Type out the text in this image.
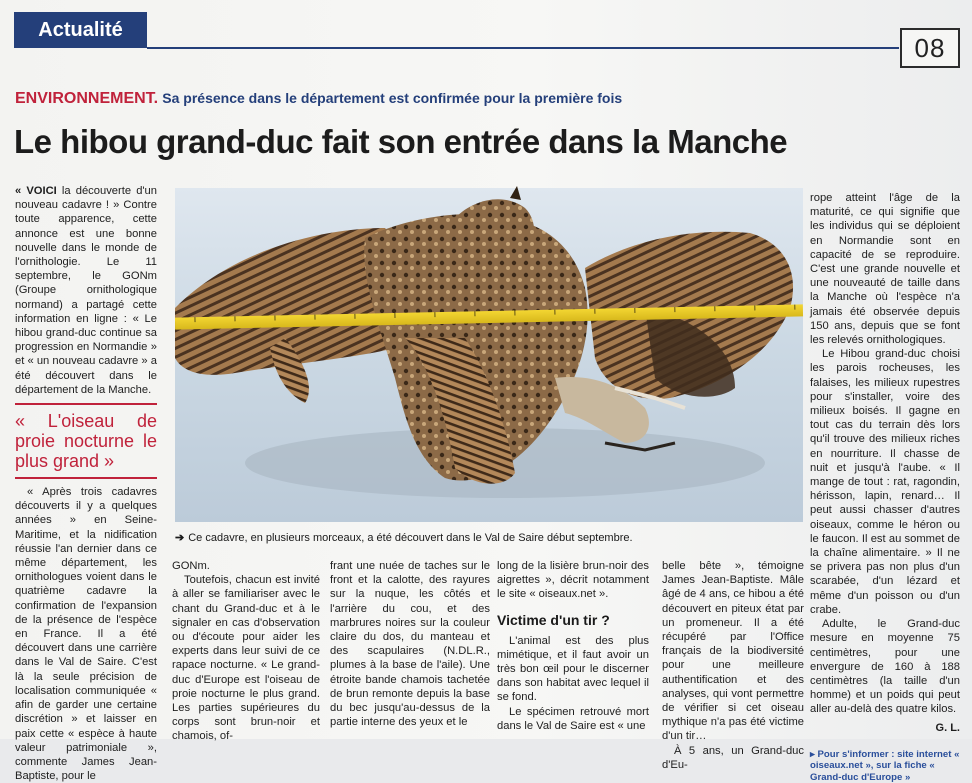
Actualité
08
ENVIRONNEMENT. Sa présence dans le département est confirmée pour la première fois
Le hibou grand-duc fait son entrée dans la Manche

« VOICI la découverte d'un nouveau cadavre ! » Contre toute apparence, cette annonce est une bonne nouvelle dans le monde de l'ornithologie. Le 11 septembre, le GONm (Groupe ornithologique normand) a partagé cette information en ligne : « Le hibou grand-duc continue sa progression en Normandie » et « un nouveau cadavre » a été découvert dans le département de la Manche.

« L'oiseau de proie nocturne le plus grand »

« Après trois cadavres découverts il y a quelques années » en Seine-Maritime, et la nidification réussie l'an dernier dans ce même département, les ornithologues voient dans le quatrième cadavre la confirmation de l'expansion de la présence de l'espèce en France. Il a été découvert dans une carrière dans le Val de Saire. C'est là la seule précision de localisation communiquée « afin de garder une certaine discrétion » et laisser en paix cette « espèce à haute valeur patrimoniale », commente James Jean-Baptiste, pour le

➔ Ce cadavre, en plusieurs morceaux, a été découvert dans le Val de Saire début septembre.

GONm.

Toutefois, chacun est invité à aller se familiariser avec le chant du Grand-duc et à le signaler en cas d'observation ou d'écoute pour aider les experts dans leur suivi de ce rapace nocturne. « Le grand-duc d'Europe est l'oiseau de proie nocturne le plus grand. Les parties supérieures du corps sont brun-noir et chamois, of-

frant une nuée de taches sur le front et la calotte, des rayures sur la nuque, les côtés et l'arrière du cou, et des marbrures noires sur la couleur claire du dos, du manteau et des scapulaires (N.DL.R., plumes à la base de l'aile). Une étroite bande chamois tachetée de brun remonte depuis la base du bec jusqu'au-dessus de la partie interne des yeux et le

long de la lisière brun-noir des aigrettes », décrit notamment le site « oiseaux.net ».

Victime d'un tir ?

L'animal est des plus mimétique, et il faut avoir un très bon œil pour le discerner dans son habitat avec lequel il se fond.

Le spécimen retrouvé mort dans le Val de Saire est « une

belle bête », témoigne James Jean-Baptiste. Mâle âgé de 4 ans, ce hibou a été découvert en piteux état par un promeneur. Il a été récupéré par l'Office français de la biodiversité pour une meilleure authentification et des analyses, qui vont permettre de vérifier si cet oiseau mythique n'a pas été victime d'un tir…

À 5 ans, un Grand-duc d'Eu-

rope atteint l'âge de la maturité, ce qui signifie que les individus qui se déploient en Normandie sont en capacité de se reproduire. C'est une grande nouvelle et une nouveauté de taille dans la Manche où l'espèce n'a jamais été observée depuis 150 ans, depuis que se font les relevés ornithologiques.

Le Hibou grand-duc choisi les parois rocheuses, les falaises, les milieux rupestres pour s'installer, voire des milieux boisés. Il gagne en tout cas du terrain dès lors qu'il trouve des milieux riches en nourriture. Il chasse de nuit et jusqu'à l'aube. « Il mange de tout : rat, ragondin, hérisson, lapin, renard… Il peut aussi chasser d'autres oiseaux, comme le héron ou le faucon. Il est au sommet de la chaîne alimentaire. » Il ne se privera pas non plus d'un scarabée, d'un lézard et même d'un poisson ou d'un crabe.

Adulte, le Grand-duc mesure en moyenne 75 centimètres, pour une envergure de 160 à 188 centimètres (la taille d'un homme) et un poids qui peut aller au-delà des quatre kilos.

G. L.
▸ Pour s'informer : site internet « oiseaux.net », sur la fiche « Grand-duc d'Europe »
